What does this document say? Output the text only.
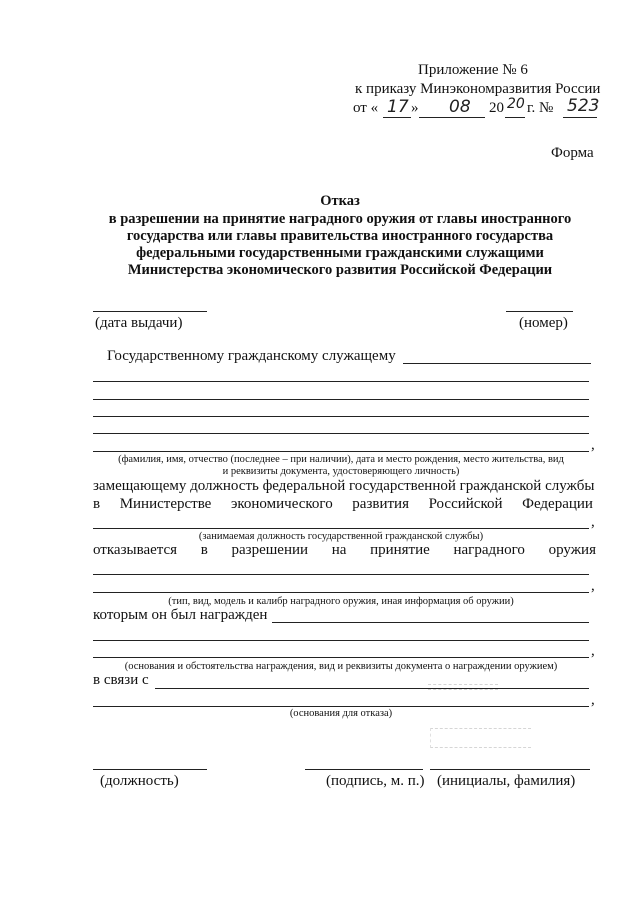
Приложение № 6
к приказу Минэкономразвития России
от « 17 » 08 20 20 г. № 523
Форма
Отказ
в разрешении на принятие наградного оружия от главы иностранного
государства или главы правительства иностранного государства
федеральными государственными гражданскими служащими
Министерства экономического развития Российской Федерации
(дата выдачи)	(номер)
Государственному гражданскому служащему
,
(фамилия, имя, отчество (последнее – при наличии), дата и место рождения, место жительства, вид
и реквизиты документа, удостоверяющего личность)
замещающему должность федеральной государственной гражданской службы
в Министерстве экономического развития Российской Федерации
,
(занимаемая должность государственной гражданской службы)
отказывается в разрешении на принятие наградного оружия
,
(тип, вид, модель и калибр наградного оружия, иная информация об оружии)
которым он был награжден
,
(основания и обстоятельства награждения, вид и реквизиты документа о награждении оружием)
в связи с
,
(основания для отказа)
(должность)	(подпись, м. п.) (инициалы, фамилия)
